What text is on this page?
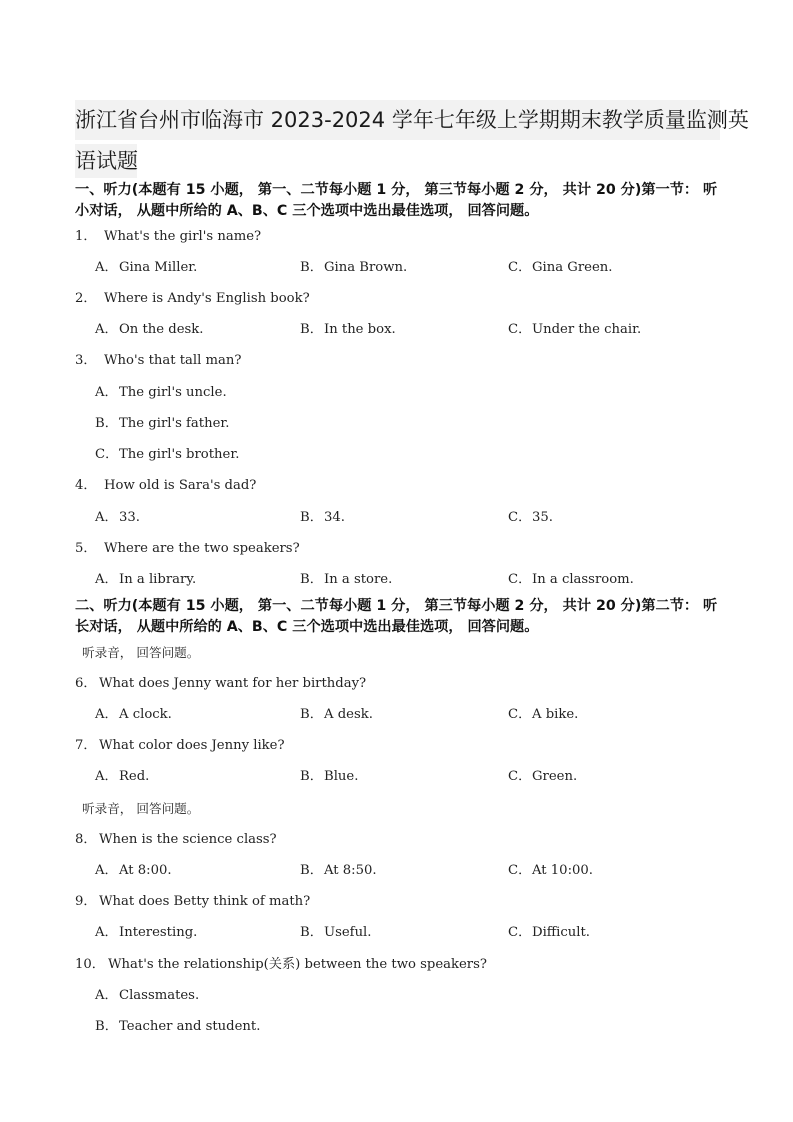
浙江省台州市临海市 2023-2024 学年七年级上学期期末教学质量监测英
语试题

一、听力(本题有 15 小题， 第一、二节每小题 1 分， 第三节每小题 2 分， 共计 20 分)第一节： 听小对话， 从题中所给的 A、B、C 三个选项中选出最佳选项， 回答问题。

1． What's the girl's name?

A．Gina Miller.	B．Gina Brown.	C．Gina Green.

2． Where is Andy's English book?

A．On the desk.	B．In the box.	C．Under the chair.

3． Who's that tall man?

A．The girl's uncle.

B．The girl's father.

C．The girl's brother.

4． How old is Sara's dad?

A．33.	B．34.	C．35.

5． Where are the two speakers?

A．In a library.	B．In a store.	C．In a classroom.

二、听力(本题有 15 小题， 第一、二节每小题 1 分， 第三节每小题 2 分， 共计 20 分)第二节： 听长对话， 从题中所给的 A、B、C 三个选项中选出最佳选项， 回答问题。

听录音， 回答问题。

6． What does Jenny want for her birthday?

A．A clock.	B．A desk.	C．A bike.

7． What color does Jenny like?

A．Red.	B．Blue.	C．Green.

听录音， 回答问题。

8． When is the science class?

A．At 8:00.	B．At 8:50.	C．At 10:00.

9． What does Betty think of math?

A．Interesting.	B．Useful.	C．Difficult.

10． What's the relationship(关系) between the two speakers?

A．Classmates.

B．Teacher and student.
